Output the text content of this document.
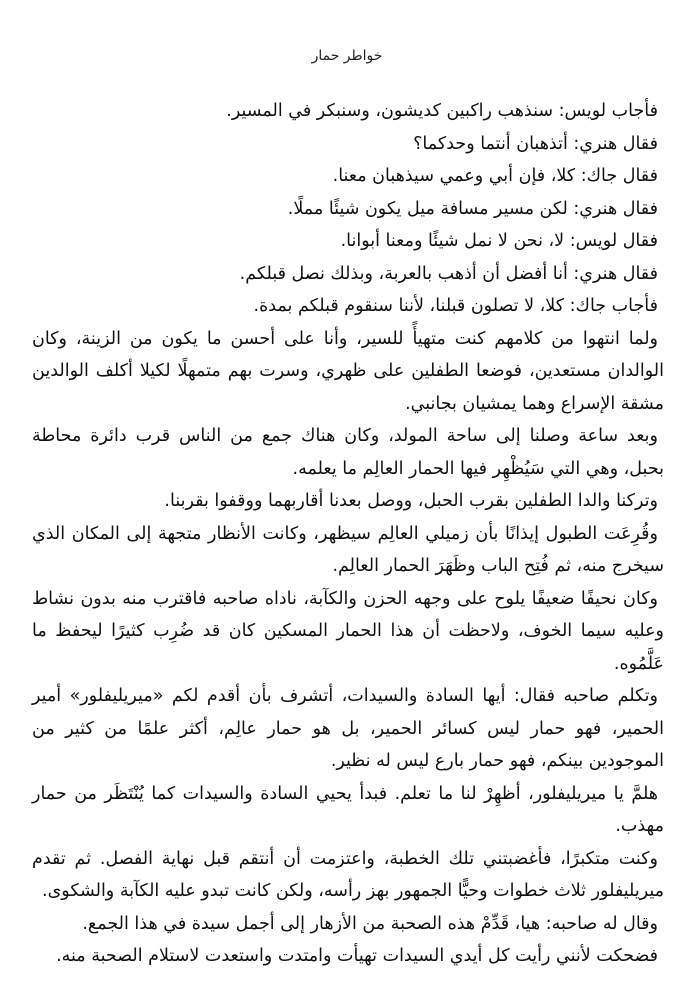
خواطر حمار

فأجاب لويس: سنذهب راكبين كديشون، وسنبكر في المسير.

فقال هنري: أتذهبان أنتما وحدكما؟

فقال جاك: كلا، فإن أبي وعمي سيذهبان معنا.

فقال هنري: لكن مسير مسافة ميل يكون شيئًا مملًا.

فقال لويس: لا، نحن لا نمل شيئًا ومعنا أبوانا.

فقال هنري: أنا أفضل أن أذهب بالعربة، وبذلك نصل قبلكم.

فأجاب جاك: كلا، لا تصلون قبلنا، لأننا سنقوم قبلكم بمدة.

ولما انتهوا من كلامهم كنت متهيأً للسير، وأنا على أحسن ما يكون من الزينة، وكان الوالدان مستعدين، فوضعا الطفلين على ظهري، وسرت بهم متمهلًا لكيلا أكلف الوالدين مشقة الإسراع وهما يمشيان بجانبي.

وبعد ساعة وصلنا إلى ساحة المولد، وكان هناك جمع من الناس قرب دائرة محاطة بحبل، وهي التي سَيُظْهِر فيها الحمار العالِم ما يعلمه.

وتركنا والدا الطفلين بقرب الحبل، ووصل بعدنا أقاربهما ووقفوا بقربنا.

وقُرِعَت الطبول إيذانًا بأن زميلي العالِم سيظهر، وكانت الأنظار متجهة إلى المكان الذي سيخرج منه، ثم فُتِح الباب وظَهَرَ الحمار العالِم.

وكان نحيفًا ضعيفًا يلوح على وجهه الحزن والكآبة، ناداه صاحبه فاقترب منه بدون نشاط وعليه سيما الخوف، ولاحظت أن هذا الحمار المسكين كان قد ضُرِب كثيرًا ليحفظ ما عَلَّمُوه.

وتكلم صاحبه فقال: أيها السادة والسيدات، أتشرف بأن أقدم لكم «ميريليفلور» أمير الحمير، فهو حمار ليس كسائر الحمير، بل هو حمار عالِم، أكثر علمًا من كثير من الموجودين بينكم، فهو حمار بارع ليس له نظير.

هلمَّ يا ميريليفلور، أظهِرْ لنا ما تعلم. فبدأ يحيي السادة والسيدات كما يُنْتَظَر من حمار مهذب.

وكنت متكبرًا، فأغضبتني تلك الخطبة، واعتزمت أن أنتقم قبل نهاية الفصل. ثم تقدم ميريليفلور ثلاث خطوات وحيًّا الجمهور بهز رأسه، ولكن كانت تبدو عليه الكآبة والشكوى.

وقال له صاحبه: هيا، قَدِّمْ هذه الصحبة من الأزهار إلى أجمل سيدة في هذا الجمع.

فضحكت لأنني رأيت كل أيدي السيدات تهيأت وامتدت واستعدت لاستلام الصحبة منه.
